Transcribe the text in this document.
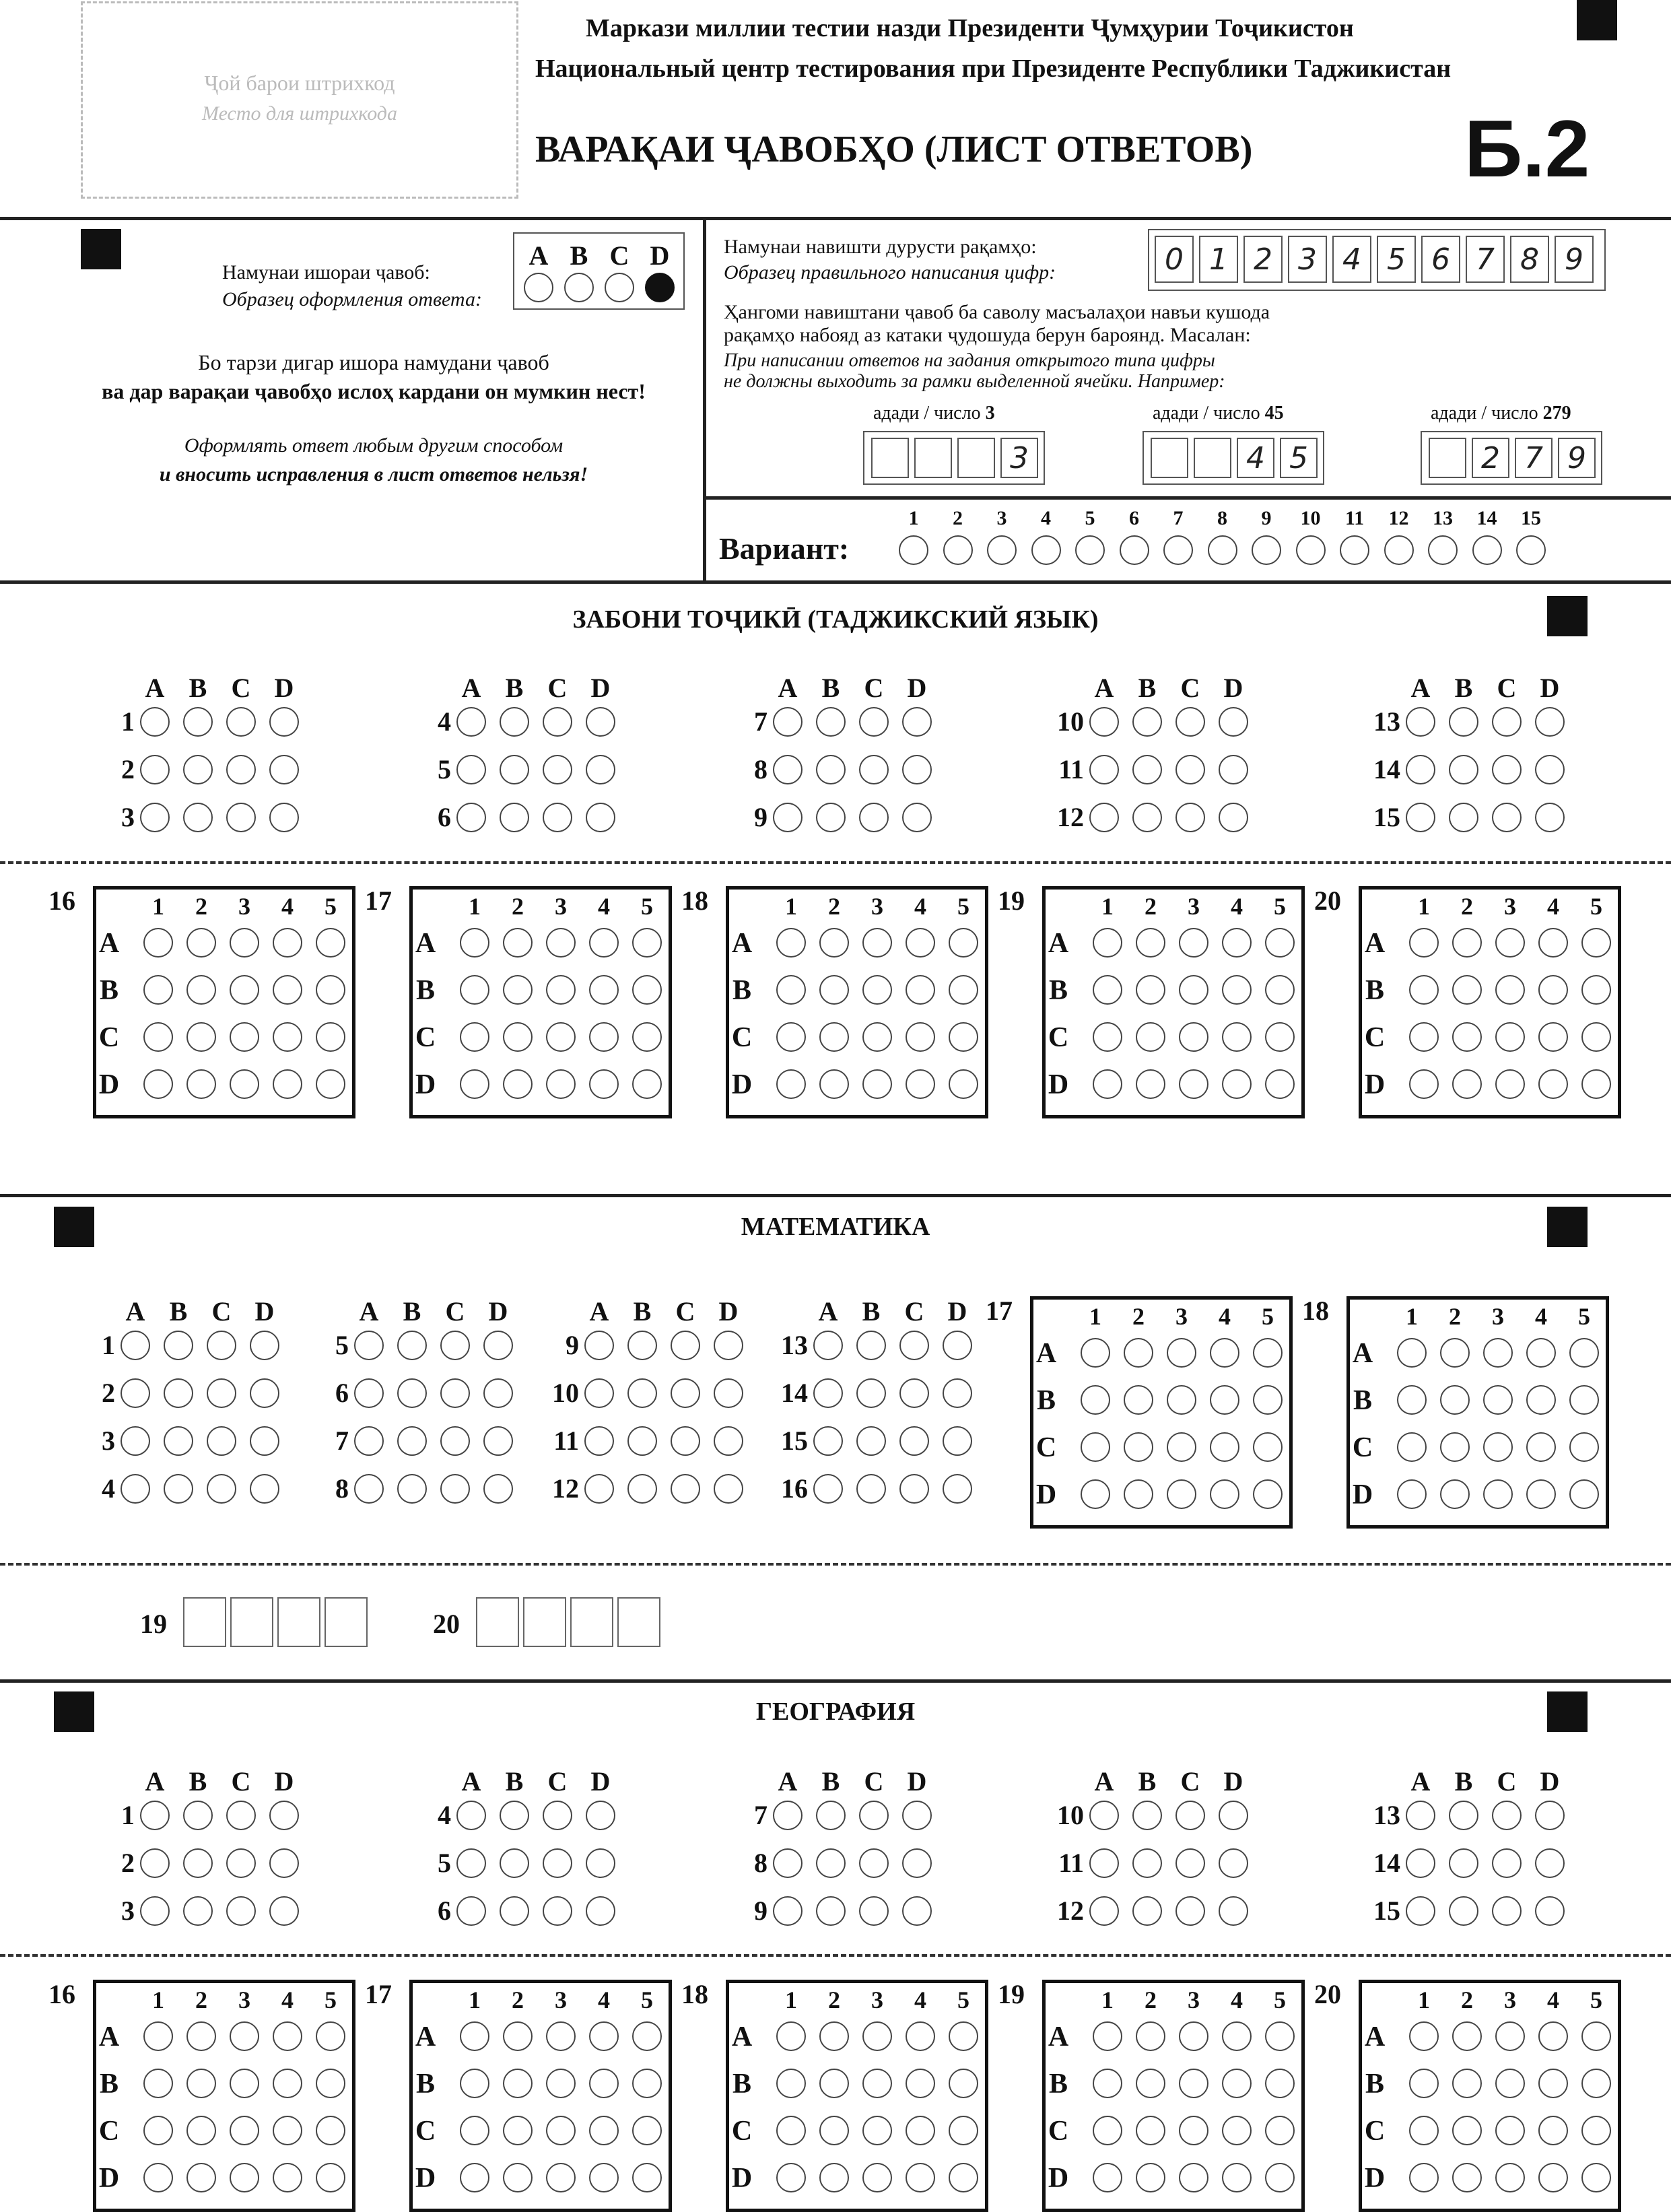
Ҷой барои штрихкод
Место для штрихкода
Маркази миллии тестии назди Президенти Ҷумҳурии Тоҷикистон
Национальный центр тестирования при Президенте Республики Таджикистан
ВАРАҚАИ ҶАВОБҲО (ЛИСТ ОТВЕТОВ)	Б.2
Намунаи ишораи ҷавоб:
Образец оформления ответа:
A B C D
Бо тарзи дигар ишора намудани ҷавоб
ва дар варақаи ҷавобҳо ислоҳ кардани он мумкин нест!
Оформлять ответ любым другим способом
и вносить исправления в лист ответов нельзя!
Намунаи навишти дурусти рақамҳо:
Образец правильного написания цифр:	0 1 2 3 4 5 6 7 8 9
Ҳангоми навиштани ҷавоб ба саволу масъалаҳои навъи кушода
рақамҳо набояд аз катаки ҷудошуда берун бароянд. Масалан:
При написании ответов на задания открытого типа цифры
не должны выходить за рамки выделенной ячейки. Например:
адади / число 3
3
адади / число 45
4 5
адади / число 279
2 7 9
Вариант:
1	2	3	4	5	6	7	8	9	10	11	12	13	14	15
ЗАБОНИ ТОҶИКӢ (ТАДЖИКСКИЙ ЯЗЫК)
A B C D
1
2
3
A B C D
4
5
6
A B C D
7
8
9
A B C D
10
11
12
A B C D
13
14
15
16	1	2	3	4	5
A
B
C
D
17	1	2	3	4	5
A
B
C
D
18	1	2	3	4	5
A
B
C
D
19	1	2	3	4	5
A
B
C
D
20	1	2	3	4	5
A
B
C
D
МАТЕМАТИКА
A B C D
1
2
3
4
A B C D
5
6
7
8
A B C D
9
10
11
12
A B C D
13
14
15
16
17	1	2	3	4	5
A
B
C
D
18	1	2	3	4	5
A
B
C
D
19	20
ГЕОГРАФИЯ
A B C D
1
2
3
A B C D
4
5
6
A B C D
7
8
9
A B C D
10
11
12
A B C D
13
14
15
16	1	2	3	4	5
A
B
C
D
17	1	2	3	4	5
A
B
C
D
18	1	2	3	4	5
A
B
C
D
19	1	2	3	4	5
A
B
C
D
20	1	2	3	4	5
A
B
C
D
